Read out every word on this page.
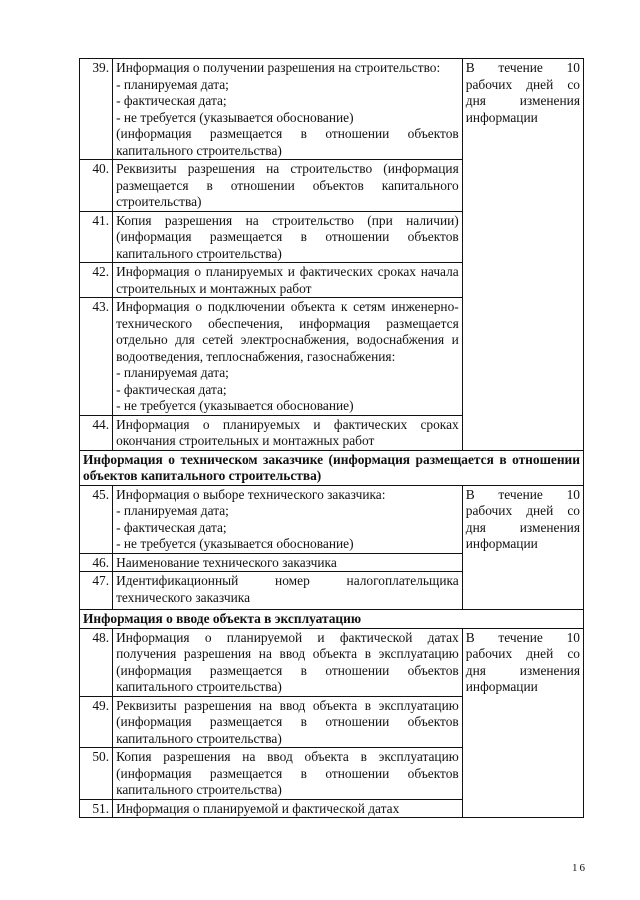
39.	Информация о получении разрешения на строительство:
- планируемая дата;
- фактическая дата;
- не требуется (указывается обоснование)
(информация размещается в отношении объектов капитального строительства)	В течение 10 рабочих дней со дня изменения информации
40.	Реквизиты разрешения на строительство (информация размещается в отношении объектов капитального строительства)	

41.	Копия разрешения на строительство (при наличии) (информация размещается в отношении объектов капитального строительства)	

42.	Информация о планируемых и фактических сроках начала строительных и монтажных работ	

43.	Информация о подключении объекта к сетям инженерно-технического обеспечения, информация размещается отдельно для сетей электроснабжения, водоснабжения и водоотведения, теплоснабжения, газоснабжения:
- планируемая дата;
- фактическая дата;
- не требуется (указывается обоснование)	

44.	Информация о планируемых и фактических сроках окончания строительных и монтажных работ	

Информация о техническом заказчике (информация размещается в отношении объектов капитального строительства)		
45.	Информация о выборе технического заказчика:
- планируемая дата;
- фактическая дата;
- не требуется (указывается обоснование)	В течение 10 рабочих дней со дня изменения информации
46.	Наименование технического заказчика	

47.	Идентификационный номер налогоплательщика технического заказчика	

Информация о вводе объекта в эксплуатацию		
48.	Информация о планируемой и фактической датах получения разрешения на ввод объекта в эксплуатацию (информация размещается в отношении объектов капитального строительства)	В течение 10 рабочих дней со дня изменения информации
49.	Реквизиты разрешения на ввод объекта в эксплуатацию (информация размещается в отношении объектов капитального строительства)	

50.	Копия разрешения на ввод объекта в эксплуатацию (информация размещается в отношении объектов капитального строительства)	

51.	Информация о планируемой и фактической датах	
16
